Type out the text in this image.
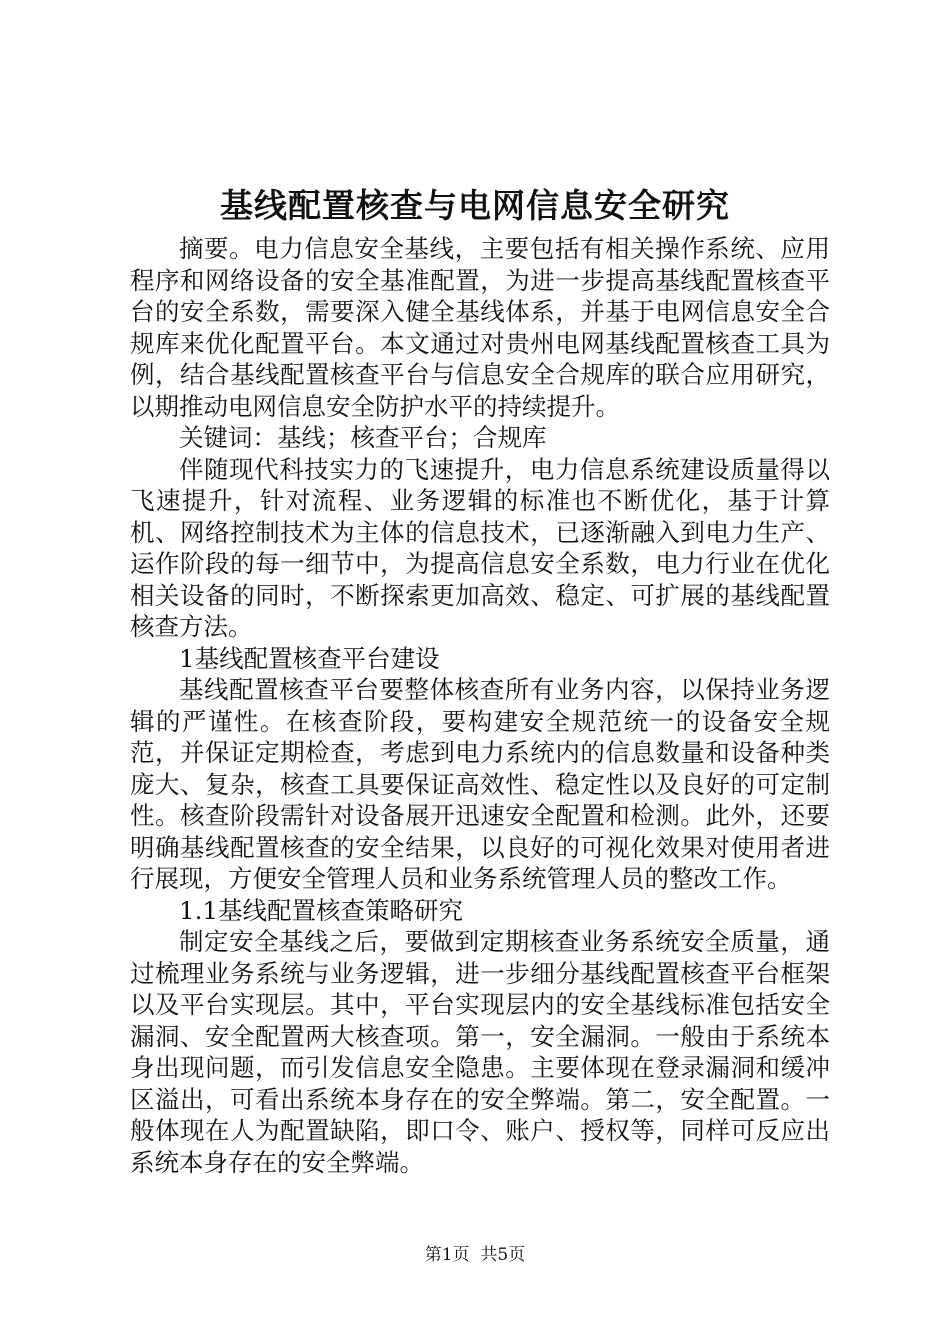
基线配置核查与电网信息安全研究

摘要。电力信息安全基线，主要包括有相关操作系统、应用程序和网络设备的安全基准配置，为进一步提高基线配置核查平台的安全系数，需要深入健全基线体系，并基于电网信息安全合规库来优化配置平台。本文通过对贵州电网基线配置核查工具为例，结合基线配置核查平台与信息安全合规库的联合应用研究，以期推动电网信息安全防护水平的持续提升。

关键词：基线；核查平台；合规库

伴随现代科技实力的飞速提升，电力信息系统建设质量得以飞速提升，针对流程、业务逻辑的标准也不断优化，基于计算机、网络控制技术为主体的信息技术，已逐渐融入到电力生产、运作阶段的每一细节中，为提高信息安全系数，电力行业在优化相关设备的同时，不断探索更加高效、稳定、可扩展的基线配置核查方法。

1基线配置核查平台建设

基线配置核查平台要整体核查所有业务内容，以保持业务逻辑的严谨性。在核查阶段，要构建安全规范统一的设备安全规范，并保证定期检查，考虑到电力系统内的信息数量和设备种类庞大、复杂，核查工具要保证高效性、稳定性以及良好的可定制性。核查阶段需针对设备展开迅速安全配置和检测。此外，还要明确基线配置核查的安全结果，以良好的可视化效果对使用者进行展现，方便安全管理人员和业务系统管理人员的整改工作。

1.1基线配置核查策略研究

制定安全基线之后，要做到定期核查业务系统安全质量，通过梳理业务系统与业务逻辑，进一步细分基线配置核查平台框架以及平台实现层。其中，平台实现层内的安全基线标准包括安全漏洞、安全配置两大核查项。第一，安全漏洞。一般由于系统本身出现问题，而引发信息安全隐患。主要体现在登录漏洞和缓冲区溢出，可看出系统本身存在的安全弊端。第二，安全配置。一般体现在人为配置缺陷，即口令、账户、授权等，同样可反应出系统本身存在的安全弊端。

第1页  共5页
